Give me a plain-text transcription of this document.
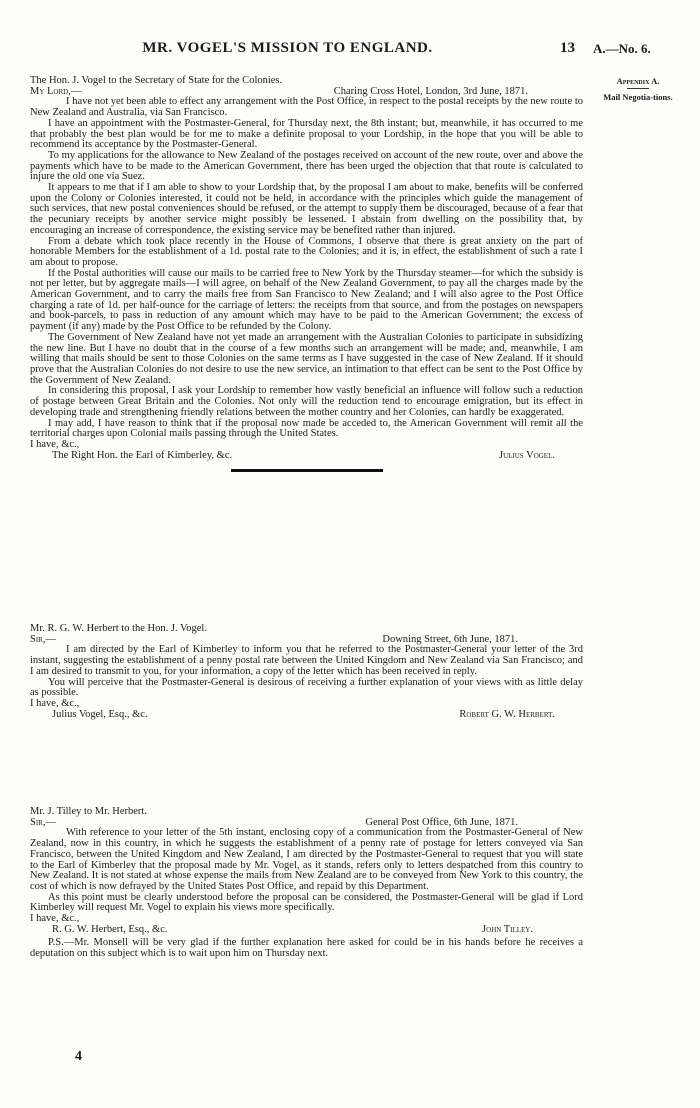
MR. VOGEL'S MISSION TO ENGLAND.	13 A.—No. 6.
Appendix A.
Mail Negotia-tions.

The Hon. J. Vogel to the Secretary of State for the Colonies.

My Lord,—	Charing Cross Hotel, London, 3rd June, 1871.

I have not yet been able to effect any arrangement with the Post Office, in respect to the postal receipts by the new route to New Zealand and Australia, via San Francisco.

I have an appointment with the Postmaster-General, for Thursday next, the 8th instant; but, meanwhile, it has occurred to me that probably the best plan would be for me to make a definite proposal to your Lordship, in the hope that you will be able to recommend its acceptance by the Postmaster-General.

To my applications for the allowance to New Zealand of the postages received on account of the new route, over and above the payments which have to be made to the American Government, there has been urged the objection that that route is calculated to injure the old one via Suez.

It appears to me that if I am able to show to your Lordship that, by the proposal I am about to make, benefits will be conferred upon the Colony or Colonies interested, it could not be held, in accordance with the principles which guide the management of such services, that new postal conveniences should be refused, or the attempt to supply them be discouraged, because of a fear that the pecuniary receipts by another service might possibly be lessened. I abstain from dwelling on the possibility that, by encouraging an increase of correspondence, the existing service may be benefited rather than injured.

From a debate which took place recently in the House of Commons, I observe that there is great anxiety on the part of honorable Members for the establishment of a 1d. postal rate to the Colonies; and it is, in effect, the establishment of such a rate I am about to propose.

If the Postal authorities will cause our mails to be carried free to New York by the Thursday steamer—for which the subsidy is not per letter, but by aggregate mails—I will agree, on behalf of the New Zealand Government, to pay all the charges made by the American Government, and to carry the mails free from San Francisco to New Zealand; and I will also agree to the Post Office charging a rate of 1d. per half-ounce for the carriage of letters: the receipts from that source, and from the postages on newspapers and book-parcels, to pass in reduction of any amount which may have to be paid to the American Government; the excess of payment (if any) made by the Post Office to be refunded by the Colony.

The Government of New Zealand have not yet made an arrangement with the Australian Colonies to participate in subsidizing the new line. But I have no doubt that in the course of a few months such an arrangement will be made; and, meanwhile, I am willing that mails should be sent to those Colonies on the same terms as I have suggested in the case of New Zealand. If it should prove that the Australian Colonies do not desire to use the new service, an intimation to that effect can be sent to the Post Office by the Government of New Zealand.

In considering this proposal, I ask your Lordship to remember how vastly beneficial an influence will follow such a reduction of postage between Great Britain and the Colonies. Not only will the reduction tend to encourage emigration, but its effect in developing trade and strengthening friendly relations between the mother country and her Colonies, can hardly be exaggerated.

I may add, I have reason to think that if the proposal now made be acceded to, the American Government will remit all the territorial charges upon Colonial mails passing through the United States.

I have, &c.,

The Right Hon. the Earl of Kimberley, &c.	Julius Vogel.

Mr. R. G. W. Herbert to the Hon. J. Vogel.

Sir,—	Downing Street, 6th June, 1871.

I am directed by the Earl of Kimberley to inform you that he referred to the Postmaster-General your letter of the 3rd instant, suggesting the establishment of a penny postal rate between the United Kingdom and New Zealand via San Francisco; and I am desired to transmit to you, for your information, a copy of the letter which has been received in reply.

You will perceive that the Postmaster-General is desirous of receiving a further explanation of your views with as little delay as possible.

I have, &c.,

Julius Vogel, Esq., &c.	Robert G. W. Herbert.

Mr. J. Tilley to Mr. Herbert.

Sir,—	General Post Office, 6th June, 1871.

With reference to your letter of the 5th instant, enclosing copy of a communication from the Postmaster-General of New Zealand, now in this country, in which he suggests the establishment of a penny rate of postage for letters conveyed via San Francisco, between the United Kingdom and New Zealand, I am directed by the Postmaster-General to request that you will state to the Earl of Kimberley that the proposal made by Mr. Vogel, as it stands, refers only to letters despatched from this country to New Zealand. It is not stated at whose expense the mails from New Zealand are to be conveyed from New York to this country, the cost of which is now defrayed by the United States Post Office, and repaid by this Department.

As this point must be clearly understood before the proposal can be considered, the Postmaster-General will be glad if Lord Kimberley will request Mr. Vogel to explain his views more specifically.

I have, &c.,

R. G. W. Herbert, Esq., &c.	John Tilley.

P.S.—Mr. Monsell will be very glad if the further explanation here asked for could be in his hands before he receives a deputation on this subject which is to wait upon him on Thursday next.

4
